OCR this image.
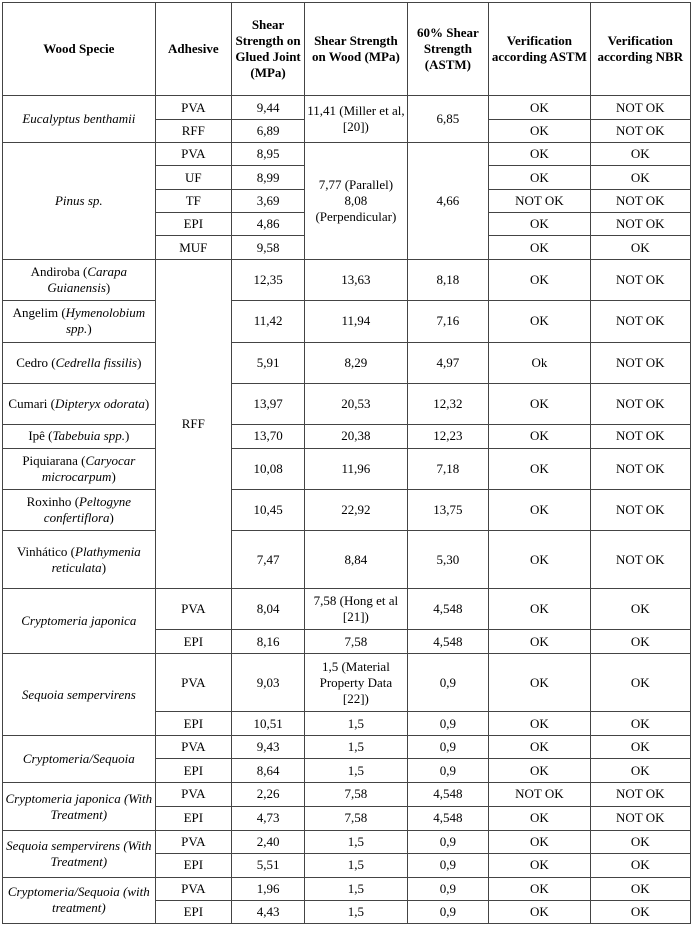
Wood Specie	Adhesive	Shear Strength on Glued Joint (MPa)	Shear Strength on Wood (MPa)	60% Shear Strength (ASTM)	Verification according ASTM	Verification according NBR
Eucalyptus benthamii	PVA	9,44	11,41 (Miller et al, [20])	6,85	OK	NOT OK
	RFF	6,89			OK	NOT OK
Pinus sp.	PVA	8,95	7,77 (Parallel) 8,08 (Perpendicular)	4,66	OK	OK
	UF	8,99			OK	OK
	TF	3,69			NOT OK	NOT OK
	EPI	4,86			OK	NOT OK
	MUF	9,58			OK	OK
Andiroba (Carapa Guianensis)	RFF	12,35	13,63	8,18	OK	NOT OK
Angelim (Hymenolobium spp.)		11,42	11,94	7,16	OK	NOT OK
Cedro (Cedrella fissilis)		5,91	8,29	4,97	Ok	NOT OK
Cumari (Dipteryx odorata)		13,97	20,53	12,32	OK	NOT OK
Ipê (Tabebuia spp.)		13,70	20,38	12,23	OK	NOT OK
Piquiarana (Caryocar microcarpum)		10,08	11,96	7,18	OK	NOT OK
Roxinho (Peltogyne confertiflora)		10,45	22,92	13,75	OK	NOT OK
Vinhático (Plathymenia reticulata)		7,47	8,84	5,30	OK	NOT OK
Cryptomeria japonica	PVA	8,04	7,58 (Hong et al [21])	4,548	OK	OK
	EPI	8,16	7,58	4,548	OK	OK
Sequoia sempervirens	PVA	9,03	1,5 (Material Property Data [22])	0,9	OK	OK
	EPI	10,51	1,5	0,9	OK	OK
Cryptomeria/Sequoia	PVA	9,43	1,5	0,9	OK	OK
	EPI	8,64	1,5	0,9	OK	OK
Cryptomeria japonica (With Treatment)	PVA	2,26	7,58	4,548	NOT OK	NOT OK
	EPI	4,73	7,58	4,548	OK	NOT OK
Sequoia sempervirens (With Treatment)	PVA	2,40	1,5	0,9	OK	OK
	EPI	5,51	1,5	0,9	OK	OK
Cryptomeria/Sequoia (with treatment)	PVA	1,96	1,5	0,9	OK	OK
	EPI	4,43	1,5	0,9	OK	OK
